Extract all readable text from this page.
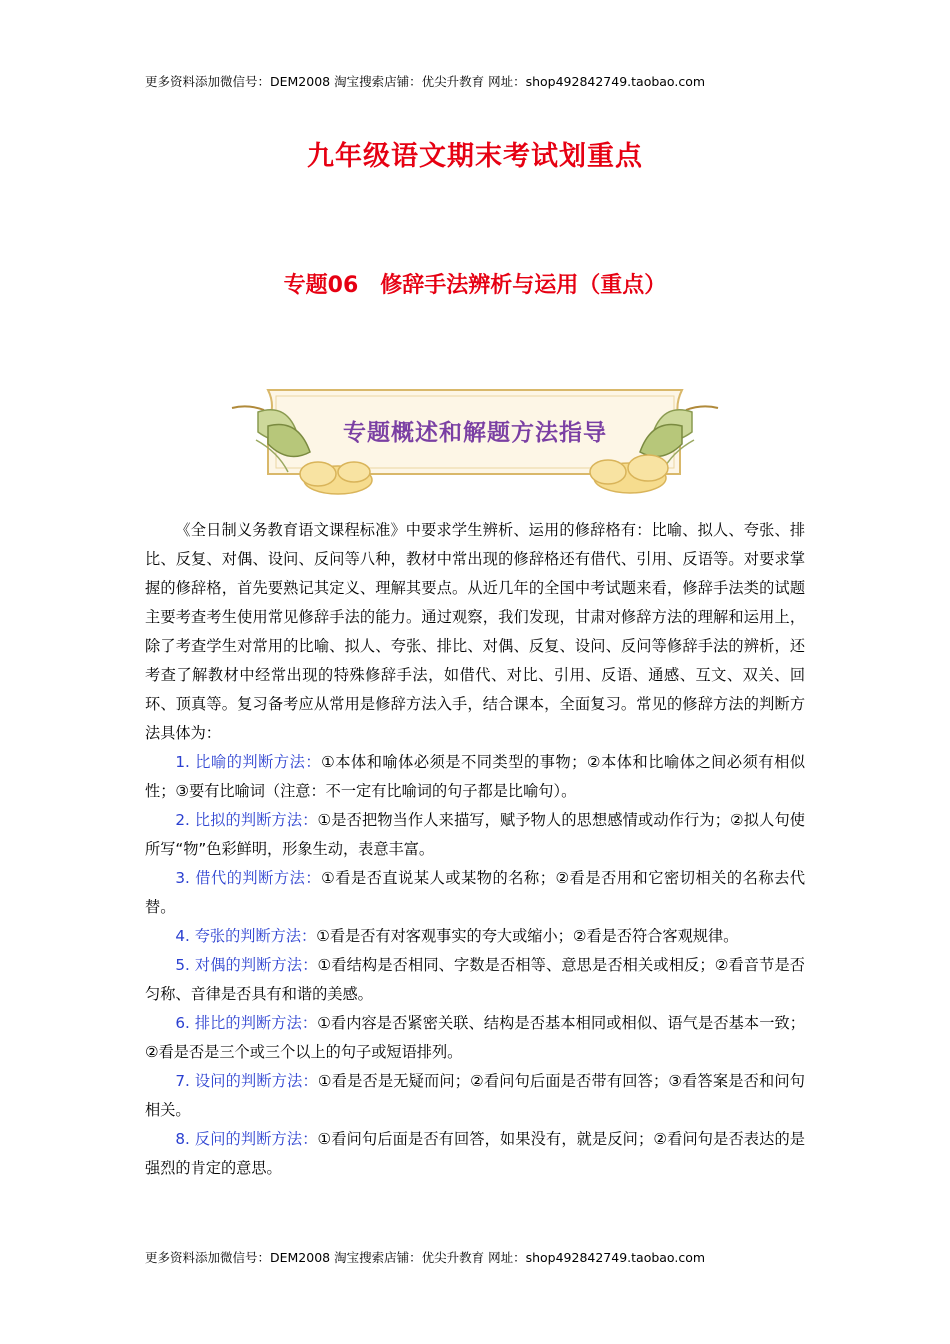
更多资料添加微信号：DEM2008 淘宝搜索店铺：优尖升教育 网址：shop492842749.taobao.com
九年级语文期末考试划重点
专题06 修辞手法辨析与运用（重点）
专题概述和解题方法指导

《全日制义务教育语文课程标准》中要求学生辨析、运用的修辞格有：比喻、拟人、夸张、排比、反复、对偶、设问、反问等八种，教材中常出现的修辞格还有借代、引用、反语等。对要求掌握的修辞格，首先要熟记其定义、理解其要点。从近几年的全国中考试题来看，修辞手法类的试题主要考查考生使用常见修辞手法的能力。通过观察，我们发现，甘肃对修辞方法的理解和运用上，除了考查学生对常用的比喻、拟人、夸张、排比、对偶、反复、设问、反问等修辞手法的辨析，还考查了解教材中经常出现的特殊修辞手法，如借代、对比、引用、反语、通感、互文、双关、回环、顶真等。复习备考应从常用是修辞方法入手，结合课本，全面复习。常见的修辞方法的判断方法具体为：

1. 比喻的判断方法：①本体和喻体必须是不同类型的事物；②本体和比喻体之间必须有相似性；③要有比喻词（注意：不一定有比喻词的句子都是比喻句）。

2. 比拟的判断方法：①是否把物当作人来描写，赋予物人的思想感情或动作行为；②拟人句使所写“物”色彩鲜明，形象生动，表意丰富。

3. 借代的判断方法：①看是否直说某人或某物的名称；②看是否用和它密切相关的名称去代替。

4. 夸张的判断方法：①看是否有对客观事实的夸大或缩小；②看是否符合客观规律。

5. 对偶的判断方法：①看结构是否相同、字数是否相等、意思是否相关或相反；②看音节是否匀称、音律是否具有和谐的美感。

6. 排比的判断方法：①看内容是否紧密关联、结构是否基本相同或相似、语气是否基本一致；②看是否是三个或三个以上的句子或短语排列。

7. 设问的判断方法：①看是否是无疑而问；②看问句后面是否带有回答；③看答案是否和问句相关。

8. 反问的判断方法：①看问句后面是否有回答，如果没有，就是反问；②看问句是否表达的是强烈的肯定的意思。

更多资料添加微信号：DEM2008 淘宝搜索店铺：优尖升教育 网址：shop492842749.taobao.com
